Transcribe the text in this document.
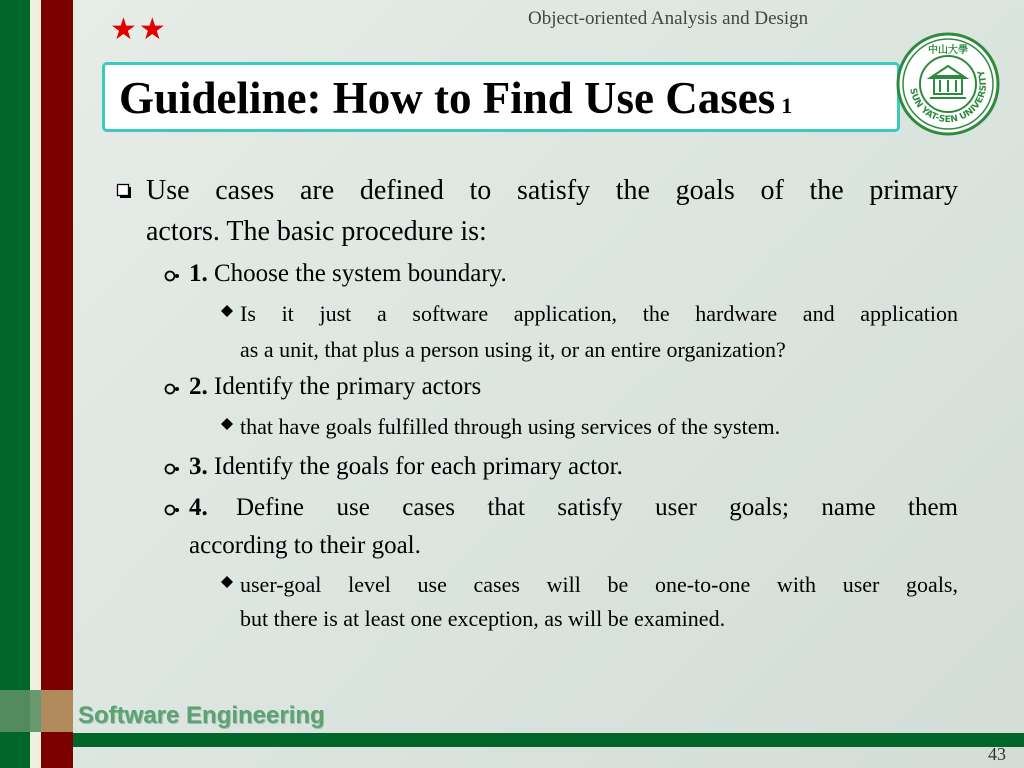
★★	Object-oriented Analysis and Design
Guideline: How to Find Use Cases 1
SUN YAT-SEN UNIVERSITY
中山大學
Use cases are defined to satisfy the goals of the primary
actors. The basic procedure is:
1. Choose the system boundary.
Is it just a software application, the hardware and application
as a unit, that plus a person using it, or an entire organization?
2. Identify the primary actors
that have goals fulfilled through using services of the system.
3. Identify the goals for each primary actor.
4. Define use cases that satisfy user goals; name them
according to their goal.
user-goal level use cases will be one-to-one with user goals,
but there is at least one exception, as will be examined.
Software Engineering
43
